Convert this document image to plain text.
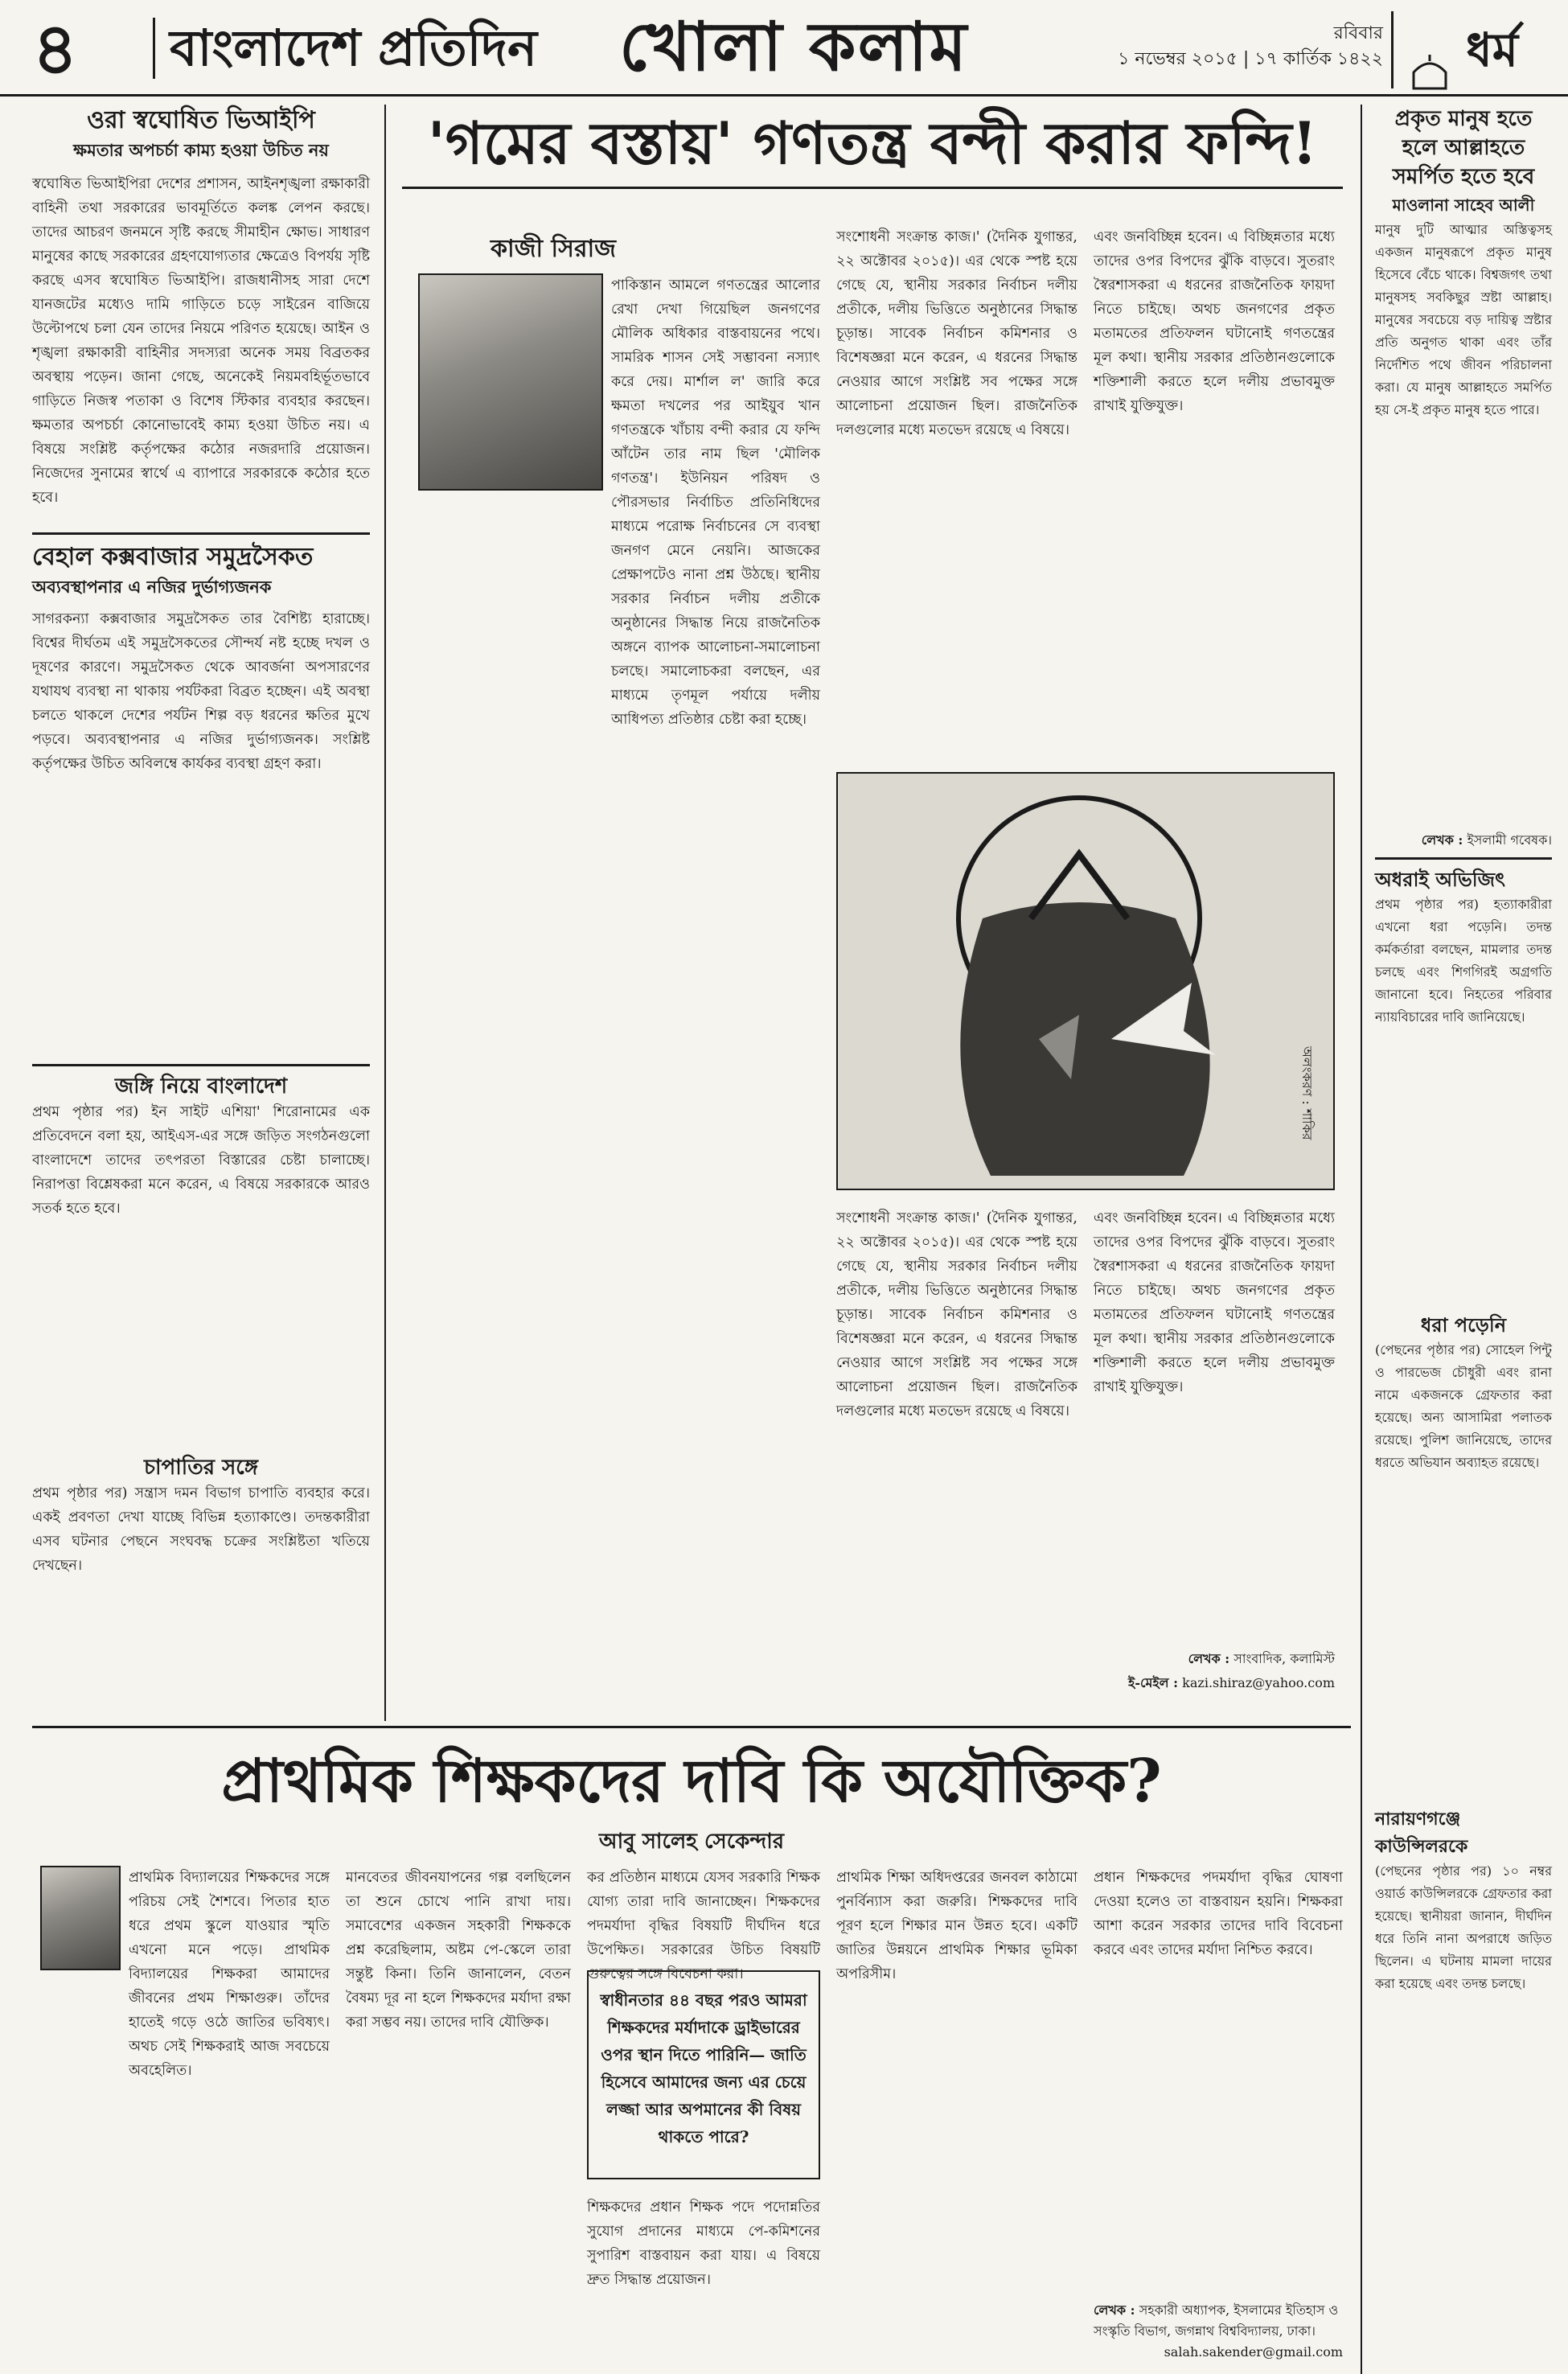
৪	বাংলাদেশ প্রতিদিন খোলা কলাম	রবিবার
১ নভেম্বর ২০১৫ | ১৭ কার্তিক ১৪২২	ধর্ম
ওরা স্বঘোষিত ভিআইপি
ক্ষমতার অপচর্চা কাম্য হওয়া উচিত নয়
স্বঘোষিত ভিআইপিরা দেশের প্রশাসন, আইনশৃঙ্খলা রক্ষাকারী বাহিনী তথা সরকারের ভাবমূর্তিতে কলঙ্ক লেপন করছে। তাদের আচরণ জনমনে সৃষ্টি করছে সীমাহীন ক্ষোভ। সাধারণ মানুষের কাছে সরকারের গ্রহণযোগ্যতার ক্ষেত্রেও বিপর্যয় সৃষ্টি করছে এসব স্বঘোষিত ভিআইপি। রাজধানীসহ সারা দেশে যানজটের মধ্যেও দামি গাড়িতে চড়ে সাইরেন বাজিয়ে উল্টোপথে চলা যেন তাদের নিয়মে পরিণত হয়েছে। আইন ও শৃঙ্খলা রক্ষাকারী বাহিনীর সদস্যরা অনেক সময় বিব্রতকর অবস্থায় পড়েন। জানা গেছে, অনেকেই নিয়মবহির্ভূতভাবে গাড়িতে নিজস্ব পতাকা ও বিশেষ স্টিকার ব্যবহার করছেন। ক্ষমতার অপচর্চা কোনোভাবেই কাম্য হওয়া উচিত নয়। এ বিষয়ে সংশ্লিষ্ট কর্তৃপক্ষের কঠোর নজরদারি প্রয়োজন। নিজেদের সুনামের স্বার্থে এ ব্যাপারে সরকারকে কঠোর হতে হবে।
বেহাল কক্সবাজার সমুদ্রসৈকত
অব্যবস্থাপনার এ নজির দুর্ভাগ্যজনক
সাগরকন্যা কক্সবাজার সমুদ্রসৈকত তার বৈশিষ্ট্য হারাচ্ছে। বিশ্বের দীর্ঘতম এই সমুদ্রসৈকতের সৌন্দর্য নষ্ট হচ্ছে দখল ও দূষণের কারণে। সমুদ্রসৈকত থেকে আবর্জনা অপসারণের যথাযথ ব্যবস্থা না থাকায় পর্যটকরা বিব্রত হচ্ছেন। এই অবস্থা চলতে থাকলে দেশের পর্যটন শিল্প বড় ধরনের ক্ষতির মুখে পড়বে। অব্যবস্থাপনার এ নজির দুর্ভাগ্যজনক। সংশ্লিষ্ট কর্তৃপক্ষের উচিত অবিলম্বে কার্যকর ব্যবস্থা গ্রহণ করা।
জঙ্গি নিয়ে বাংলাদেশ
প্রথম পৃষ্ঠার পর) ইন সাইট এশিয়া' শিরোনামের এক প্রতিবেদনে বলা হয়, আইএস-এর সঙ্গে জড়িত সংগঠনগুলো বাংলাদেশে তাদের তৎপরতা বিস্তারের চেষ্টা চালাচ্ছে। নিরাপত্তা বিশ্লেষকরা মনে করেন, এ বিষয়ে সরকারকে আরও সতর্ক হতে হবে।
চাপাতির সঙ্গে
প্রথম পৃষ্ঠার পর) সন্ত্রাস দমন বিভাগ চাপাতি ব্যবহার করে। একই প্রবণতা দেখা যাচ্ছে বিভিন্ন হত্যাকাণ্ডে। তদন্তকারীরা এসব ঘটনার পেছনে সংঘবদ্ধ চক্রের সংশ্লিষ্টতা খতিয়ে দেখছেন।
'গমের বস্তায়' গণতন্ত্র বন্দী করার ফন্দি!
কাজী সিরাজ
পাকিস্তান আমলে গণতন্ত্রের আলোর রেখা দেখা গিয়েছিল জনগণের মৌলিক অধিকার বাস্তবায়নের পথে। সামরিক শাসন সেই সম্ভাবনা নস্যাৎ করে দেয়। মার্শাল ল' জারি করে ক্ষমতা দখলের পর আইয়ুব খান গণতন্ত্রকে খাঁচায় বন্দী করার যে ফন্দি আঁটেন তার নাম ছিল 'মৌলিক গণতন্ত্র'। ইউনিয়ন পরিষদ ও পৌরসভার নির্বাচিত প্রতিনিধিদের মাধ্যমে পরোক্ষ নির্বাচনের সে ব্যবস্থা জনগণ মেনে নেয়নি। আজকের প্রেক্ষাপটেও নানা প্রশ্ন উঠছে। স্থানীয় সরকার নির্বাচন দলীয় প্রতীকে অনুষ্ঠানের সিদ্ধান্ত নিয়ে রাজনৈতিক অঙ্গনে ব্যাপক আলোচনা-সমালোচনা চলছে। সমালোচকরা বলছেন, এর মাধ্যমে তৃণমূল পর্যায়ে দলীয় আধিপত্য প্রতিষ্ঠার চেষ্টা করা হচ্ছে।
সংশোধনী সংক্রান্ত কাজ।' (দৈনিক যুগান্তর, ২২ অক্টোবর ২০১৫)। এর থেকে স্পষ্ট হয়ে গেছে যে, স্থানীয় সরকার নির্বাচন দলীয় প্রতীকে, দলীয় ভিত্তিতে অনুষ্ঠানের সিদ্ধান্ত চূড়ান্ত। সাবেক নির্বাচন কমিশনার ও বিশেষজ্ঞরা মনে করেন, এ ধরনের সিদ্ধান্ত নেওয়ার আগে সংশ্লিষ্ট সব পক্ষের সঙ্গে আলোচনা প্রয়োজন ছিল। রাজনৈতিক দলগুলোর মধ্যে মতভেদ রয়েছে এ বিষয়ে।
এবং জনবিচ্ছিন্ন হবেন। এ বিচ্ছিন্নতার মধ্যে তাদের ওপর বিপদের ঝুঁকি বাড়বে। সুতরাং স্বৈরশাসকরা এ ধরনের রাজনৈতিক ফায়দা নিতে চাইছে। অথচ জনগণের প্রকৃত মতামতের প্রতিফলন ঘটানোই গণতন্ত্রের মূল কথা। স্থানীয় সরকার প্রতিষ্ঠানগুলোকে শক্তিশালী করতে হলে দলীয় প্রভাবমুক্ত রাখাই যুক্তিযুক্ত।
অলংকরণ : শাকির
সংশোধনী সংক্রান্ত কাজ।' (দৈনিক যুগান্তর, ২২ অক্টোবর ২০১৫)। এর থেকে স্পষ্ট হয়ে গেছে যে, স্থানীয় সরকার নির্বাচন দলীয় প্রতীকে, দলীয় ভিত্তিতে অনুষ্ঠানের সিদ্ধান্ত চূড়ান্ত। সাবেক নির্বাচন কমিশনার ও বিশেষজ্ঞরা মনে করেন, এ ধরনের সিদ্ধান্ত নেওয়ার আগে সংশ্লিষ্ট সব পক্ষের সঙ্গে আলোচনা প্রয়োজন ছিল। রাজনৈতিক দলগুলোর মধ্যে মতভেদ রয়েছে এ বিষয়ে।
এবং জনবিচ্ছিন্ন হবেন। এ বিচ্ছিন্নতার মধ্যে তাদের ওপর বিপদের ঝুঁকি বাড়বে। সুতরাং স্বৈরশাসকরা এ ধরনের রাজনৈতিক ফায়দা নিতে চাইছে। অথচ জনগণের প্রকৃত মতামতের প্রতিফলন ঘটানোই গণতন্ত্রের মূল কথা। স্থানীয় সরকার প্রতিষ্ঠানগুলোকে শক্তিশালী করতে হলে দলীয় প্রভাবমুক্ত রাখাই যুক্তিযুক্ত।
লেখক : সাংবাদিক, কলামিস্ট
ই-মেইল : kazi.shiraz@yahoo.com
প্রকৃত মানুষ হতে হলে আল্লাহতে সমর্পিত হতে হবে
মাওলানা সাহেব আলী
মানুষ দুটি আত্মার অস্তিত্বসহ একজন মানুষরূপে প্রকৃত মানুষ হিসেবে বেঁচে থাকে। বিশ্বজগৎ তথা মানুষসহ সবকিছুর স্রষ্টা আল্লাহ। মানুষের সবচেয়ে বড় দায়িত্ব স্রষ্টার প্রতি অনুগত থাকা এবং তাঁর নির্দেশিত পথে জীবন পরিচালনা করা। যে মানুষ আল্লাহতে সমর্পিত হয় সে-ই প্রকৃত মানুষ হতে পারে।
লেখক : ইসলামী গবেষক।
অধরাই অভিজিৎ
প্রথম পৃষ্ঠার পর) হত্যাকারীরা এখনো ধরা পড়েনি। তদন্ত কর্মকর্তারা বলছেন, মামলার তদন্ত চলছে এবং শিগগিরই অগ্রগতি জানানো হবে। নিহতের পরিবার ন্যায়বিচারের দাবি জানিয়েছে।
ধরা পড়েনি
(পেছনের পৃষ্ঠার পর) সোহেল পিন্টু ও পারভেজ চৌধুরী এবং রানা নামে একজনকে গ্রেফতার করা হয়েছে। অন্য আসামিরা পলাতক রয়েছে। পুলিশ জানিয়েছে, তাদের ধরতে অভিযান অব্যাহত রয়েছে।
নারায়ণগঞ্জে কাউন্সিলরকে
(পেছনের পৃষ্ঠার পর) ১০ নম্বর ওয়ার্ড কাউন্সিলরকে গ্রেফতার করা হয়েছে। স্থানীয়রা জানান, দীর্ঘদিন ধরে তিনি নানা অপরাধে জড়িত ছিলেন। এ ঘটনায় মামলা দায়ের করা হয়েছে এবং তদন্ত চলছে।
প্রাথমিক শিক্ষকদের দাবি কি অযৌক্তিক?
আবু সালেহ সেকেন্দার
প্রাথমিক বিদ্যালয়ের শিক্ষকদের সঙ্গে পরিচয় সেই শৈশবে। পিতার হাত ধরে প্রথম স্কুলে যাওয়ার স্মৃতি এখনো মনে পড়ে। প্রাথমিক বিদ্যালয়ের শিক্ষকরা আমাদের জীবনের প্রথম শিক্ষাগুরু। তাঁদের হাতেই গড়ে ওঠে জাতির ভবিষ্যৎ। অথচ সেই শিক্ষকরাই আজ সবচেয়ে অবহেলিত।
মানবেতর জীবনযাপনের গল্প বলছিলেন তা শুনে চোখে পানি রাখা দায়। সমাবেশের একজন সহকারী শিক্ষককে প্রশ্ন করেছিলাম, অষ্টম পে-স্কেলে তারা সন্তুষ্ট কিনা। তিনি জানালেন, বেতন বৈষম্য দূর না হলে শিক্ষকদের মর্যাদা রক্ষা করা সম্ভব নয়। তাদের দাবি যৌক্তিক।
কর প্রতিষ্ঠান মাধ্যমে যেসব সরকারি শিক্ষক যোগ্য তারা দাবি জানাচ্ছেন। শিক্ষকদের পদমর্যাদা বৃদ্ধির বিষয়টি দীর্ঘদিন ধরে উপেক্ষিত। সরকারের উচিত বিষয়টি গুরুত্বের সঙ্গে বিবেচনা করা।
স্বাধীনতার ৪৪ বছর পরও আমরা শিক্ষকদের মর্যাদাকে ড্রাইভারের ওপর স্থান দিতে পারিনি— জাতি হিসেবে আমাদের জন্য এর চেয়ে লজ্জা আর অপমানের কী বিষয় থাকতে পারে?
শিক্ষকদের প্রধান শিক্ষক পদে পদোন্নতির সুযোগ প্রদানের মাধ্যমে পে-কমিশনের সুপারিশ বাস্তবায়ন করা যায়। এ বিষয়ে দ্রুত সিদ্ধান্ত প্রয়োজন।
প্রাথমিক শিক্ষা অধিদপ্তরের জনবল কাঠামো পুনর্বিন্যাস করা জরুরি। শিক্ষকদের দাবি পূরণ হলে শিক্ষার মান উন্নত হবে। একটি জাতির উন্নয়নে প্রাথমিক শিক্ষার ভূমিকা অপরিসীম।
প্রধান শিক্ষকদের পদমর্যাদা বৃদ্ধির ঘোষণা দেওয়া হলেও তা বাস্তবায়ন হয়নি। শিক্ষকরা আশা করেন সরকার তাদের দাবি বিবেচনা করবে এবং তাদের মর্যাদা নিশ্চিত করবে।
লেখক : সহকারী অধ্যাপক, ইসলামের ইতিহাস ও সংস্কৃতি বিভাগ, জগন্নাথ বিশ্ববিদ্যালয়, ঢাকা।
salah.sakender@gmail.com
